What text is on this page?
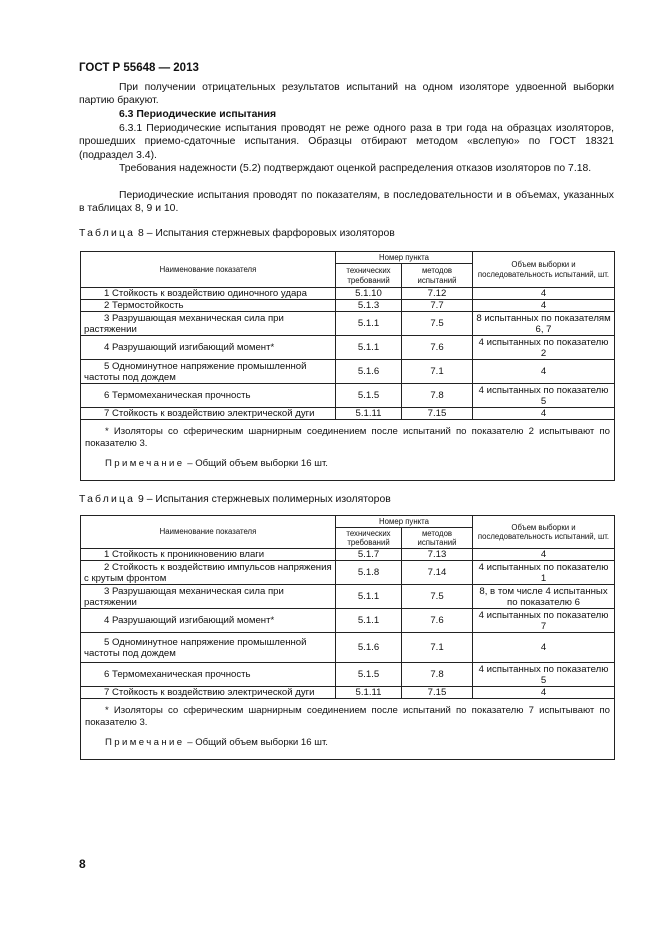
ГОСТ Р 55648 — 2013
При получении отрицательных результатов испытаний на одном изоляторе удвоенной выборки партию бракуют.
6.3 Периодические испытания
6.3.1 Периодические испытания проводят не реже одного раза в три года на образцах изоляторов, прошедших приемо-сдаточные испытания. Образцы отбирают методом «вслепую» по ГОСТ 18321 (подраздел 3.4).
Требования надежности (5.2) подтверждают оценкой распределения отказов изоляторов по 7.18.
Периодические испытания проводят по показателям, в последовательности и в объемах, указанных в таблицах 8, 9 и 10.
Таблица 8 – Испытания стержневых фарфоровых изоляторов
Наименование показателя	Номер пункта		Объем выборки и последовательность испытаний, шт.
	технических требований	методов испытаний	
1 Стойкость к воздействию одиночного удара	5.1.10	7.12	4
2 Термостойкость	5.1.3	7.7	4
3 Разрушающая механическая сила при растяжении	5.1.1	7.5	8 испытанных по показателям 6, 7
4 Разрушающий изгибающий момент*	5.1.1	7.6	4 испытанных по показателю 2
5 Одноминутное напряжение промышленной частоты под дождем	5.1.6	7.1	4
6 Термомеханическая прочность	5.1.5	7.8	4 испытанных по показателю 5
7 Стойкость к воздействию электрической дуги	5.1.11	7.15	4

* Изоляторы со сферическим шарнирным соединением после испытаний по показателю 2 испытывают по показателю 3.
Примечание – Общий объем выборки 16 шт.			
Таблица 9 – Испытания стержневых полимерных изоляторов
Наименование показателя	Номер пункта		Объем выборки и последовательность испытаний, шт.
	технических требований	методов испытаний	
1 Стойкость к проникновению влаги	5.1.7	7.13	4
2 Стойкость к воздействию импульсов напряжения с крутым фронтом	5.1.8	7.14	4 испытанных по показателю 1
3 Разрушающая механическая сила при растяжении	5.1.1	7.5	8, в том числе 4 испытанных по показателю 6
4 Разрушающий изгибающий момент*	5.1.1	7.6	4 испытанных по показателю 7
5 Одноминутное напряжение промышленной частоты под дождем	5.1.6	7.1	4
6 Термомеханическая прочность	5.1.5	7.8	4 испытанных по показателю 5
7 Стойкость к воздействию электрической дуги	5.1.11	7.15	4

* Изоляторы со сферическим шарнирным соединением после испытаний по показателю 7 испытывают по показателю 3.
Примечание – Общий объем выборки 16 шт.			
8
